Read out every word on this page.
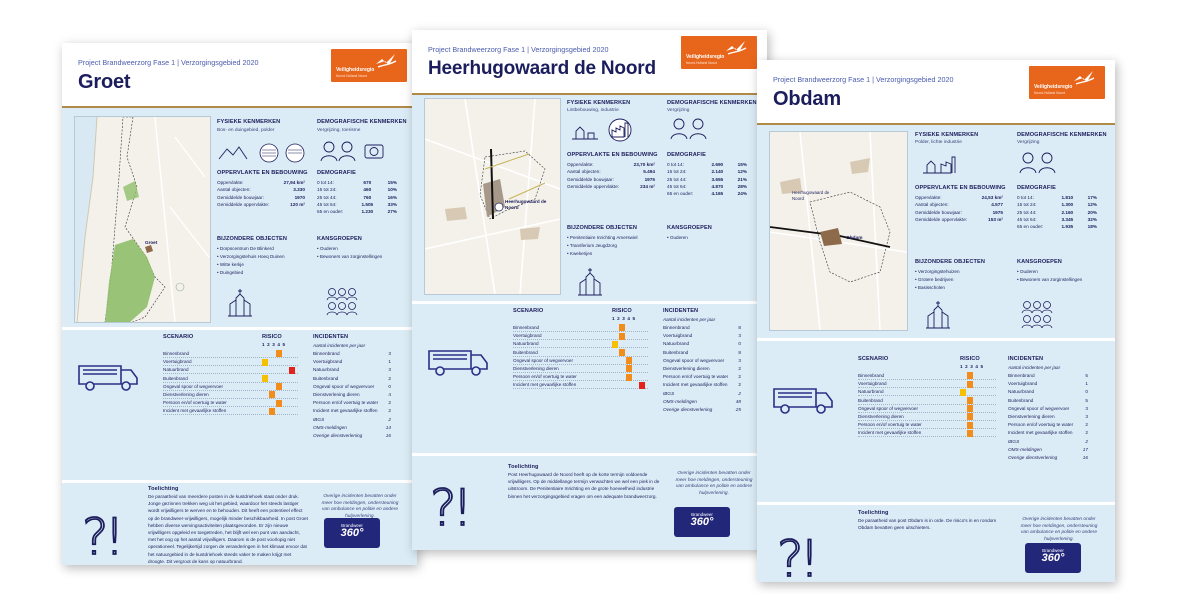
Project Brandweerzorg Fase 1 | Verzorgingsgebied 2020
Groet
Veiligheidsregio
Noord-Holland Noord
Groet
FYSIEKE KENMERKEN
Bos- en duingebied, polder
DEMOGRAFISCHE KENMERKEN
Vergrijzing, toerisme
OPPERVLAKTE EN BEBOUWING
Oppervlakte:	27,94 km²
Aantal objecten:	3.330
Gemiddelde bouwjaar:	1970
Gemiddelde oppervlakte:	120 m²
DEMOGRAFIE
0 tot 14:	670	15%
15 tot 24:	460	10%
25 tot 44:	760	16%
45 tot 64:	1.505	33%
65 en ouder:	1.230	27%
BIJZONDERE OBJECTEN
• Dorpscentrum De Blinkerd
• Verzorgingstehuis Hoeq Duinen
• Witte kerkje
• Duingebied
KANSGROEPEN
• Ouderen
• Bewoners van zorginstellingen
SCENARIO	RISICO
1 2 3 4 5
INCIDENTEN
Aantal incidenten per jaar
Binnenbrand	Binnenbrand	3
Voertuigbrand	Voertuigbrand	1
Natuurbrand	Natuurbrand	3
Buitenbrand	Buitenbrand	2
Ongeval spoor of wegvervoer	Ongeval spoor of wegvervoer	0
Dienstverlening dieren	Dienstverlening dieren	4
Persoon en/of voertuig te water	Persoon en/of voertuig te water 2
Incident met gevaarlijke stoffen	Incident met gevaarlijke stoffen 2
IBGS	2
OMS-meldingen	14
Overige dienstverlening	16
?!
Toelichting
De paraatheid van meerdere posten in de kustdriehoek staat onder druk. Jonge gezinnen trekken weg uit het gebied, waardoor het steeds lastiger wordt vrijwilligers te werven en te behouden. Dit heeft een potentieel effect op de brandweer-vrijwilligers, mogelijk minder beschikbaarheid. In post Groet hebben diverse wervingsactiviteiten plaatsgevonden. Er zijn nieuwe vrijwilligers opgeleid en toegetreden, het blijft wel een punt van aandacht, met het oog op het aantal vrijwilligers. Daarom is de post voorlopig niet operationeel. Tegelijkertijd zorgen de veranderingen in het klimaat ervoor dat het natuurgebied in de kustdriehoek steeds vaker te maken krijgt met droogte. Dit vergroot de kans op natuurbrand.
Overige incidenten bevatten onder meer hoe meldingen, ondersteuning van ambulance en politie en andere hulpverlening.
Brandweer
360°
Project Brandweerzorg Fase 1 | Verzorgingsgebied 2020
Heerhugowaard de Noord
Veiligheidsregio
Noord-Holland Noord
Heerhugowaard de Noord
FYSIEKE KENMERKEN
Lintbebouwing, industrie
DEMOGRAFISCHE KENMERKEN
Vergrijzing
OPPERVLAKTE EN BEBOUWING
Oppervlakte:	23,70 km²
Aantal objecten:	5.494
Gemiddelde bouwjaar:	1975
Gemiddelde oppervlakte:	234 m²
DEMOGRAFIE
0 tot 14:	2.690	15%
15 tot 24:	2.140	12%
25 tot 44:	3.655	21%
45 tot 64:	4.870	28%
65 en ouder:	4.165	24%
BIJZONDERE OBJECTEN
• Penitentiaire Inrichting Amerswiel
• Transferium Jeugdzorg
• Kwekerijen
KANSGROEPEN
• Ouderen
SCENARIO	RISICO
1 2 3 4 5
INCIDENTEN
Aantal incidenten per jaar
Binnenbrand	Binnenbrand	8
Voertuigbrand	Voertuigbrand	3
Natuurbrand	Natuurbrand	0
Buitenbrand	Buitenbrand	8
Ongeval spoor of wegvervoer	Ongeval spoor of wegvervoer	3
Dienstverlening dieren	Dienstverlening dieren	2
Persoon en/of voertuig te water	Persoon en/of voertuig te water 2
Incident met gevaarlijke stoffen	Incident met gevaarlijke stoffen 2
IBGS	2
OMS-meldingen	48
Overige dienstverlening	25
?!
Toelichting
Post Heerhugowaard de Noord heeft op de korte termijn voldoende vrijwilligers. Op de middellange termijn verwachten we wel een piek in de uitstroom. De Penitentiaire Inrichting en de grote hoeveelheid industrie binnen het verzorgingsgebied vragen om een adequate brandweerzorg.
Overige incidenten bevatten onder meer hoe meldingen, ondersteuning van ambulance en politie en andere hulpverlening.
Brandweer
360°
Project Brandweerzorg Fase 1 | Verzorgingsgebied 2020
Obdam
Veiligheidsregio
Noord-Holland Noord
Heerhugowaard de Noord
Obdam
FYSIEKE KENMERKEN
Polder, lichte industrie
DEMOGRAFISCHE KENMERKEN
Vergrijzing
OPPERVLAKTE EN BEBOUWING
Oppervlakte:	24,53 km²
Aantal objecten:	4.577
Gemiddelde bouwjaar:	1975
Gemiddelde oppervlakte:	153 m²
DEMOGRAFIE
0 tot 14:	1.810	17%
15 tot 24:	1.300	12%
25 tot 44:	2.160	20%
45 tot 64:	3.345	32%
65 en ouder:	1.935	18%
BIJZONDERE OBJECTEN
• Verzorgingstehuizen
• Grotere bedrijven
• Basisscholen
KANSGROEPEN
• Ouderen
• Bewoners van zorginstellingen
SCENARIO	RISICO
1 2 3 4 5
INCIDENTEN
Aantal incidenten per jaar
Binnenbrand	Binnenbrand	5
Voertuigbrand	Voertuigbrand	1
Natuurbrand	Natuurbrand	0
Buitenbrand	Buitenbrand	5
Ongeval spoor of wegvervoer	Ongeval spoor of wegvervoer	3
Dienstverlening dieren	Dienstverlening dieren	3
Persoon en/of voertuig te water	Persoon en/of voertuig te water	2
Incident met gevaarlijke stoffen	Incident met gevaarlijke stoffen	2
IBGS	2
OMS-meldingen	17
Overige dienstverlening	16
?!
Toelichting
De paraatheid van post Obdam is in orde. De risico's in en rondom Obdam bevatten geen uitschieters.
Overige incidenten bevatten onder meer hoe meldingen, ondersteuning van ambulance en politie en andere hulpverlening.
Brandweer
360°
